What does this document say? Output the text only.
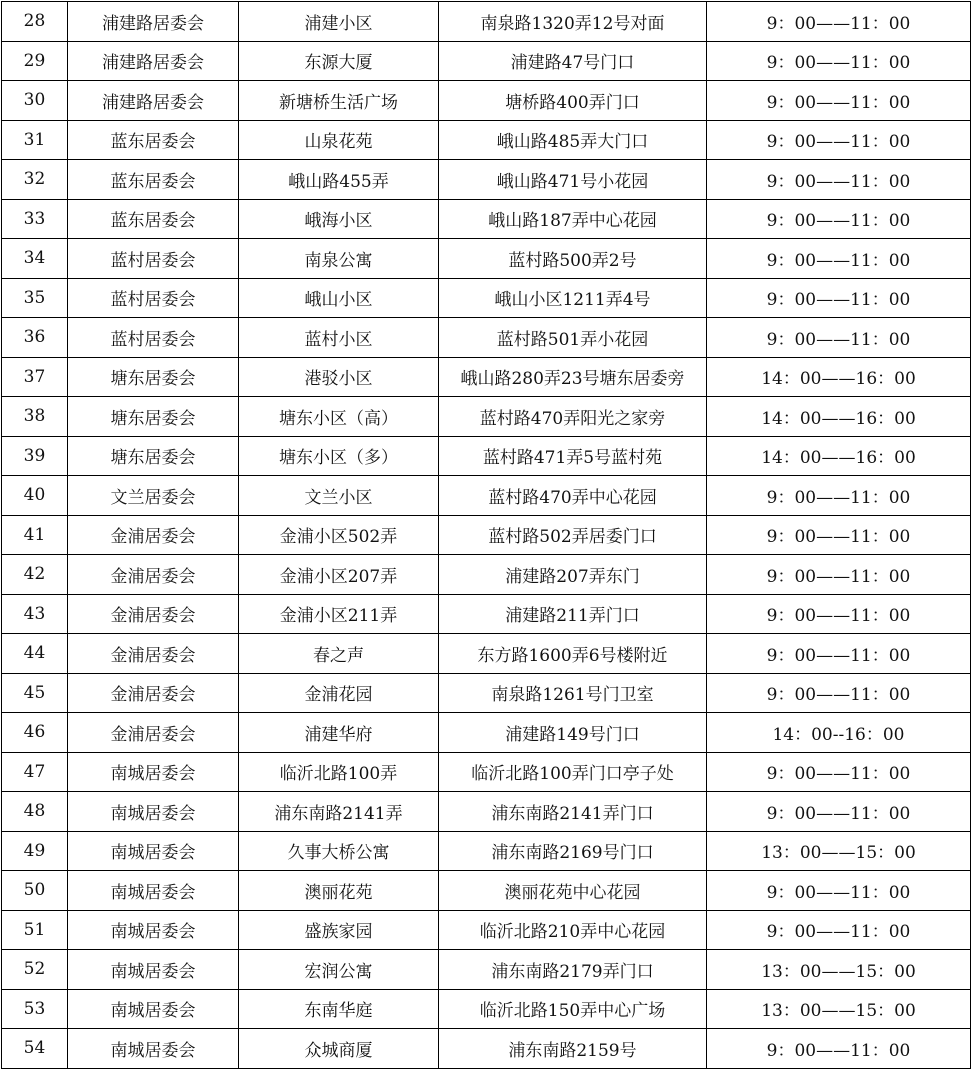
28	浦建路居委会	浦建小区	南泉路1320弄12号对面	9：00——11：00
29	浦建路居委会	东源大厦	浦建路47号门口	9：00——11：00
30	浦建路居委会	新塘桥生活广场	塘桥路400弄门口	9：00——11：00
31	蓝东居委会	山泉花苑	峨山路485弄大门口	9：00——11：00
32	蓝东居委会	峨山路455弄	峨山路471号小花园	9：00——11：00
33	蓝东居委会	峨海小区	峨山路187弄中心花园	9：00——11：00
34	蓝村居委会	南泉公寓	蓝村路500弄2号	9：00——11：00
35	蓝村居委会	峨山小区	峨山小区1211弄4号	9：00——11：00
36	蓝村居委会	蓝村小区	蓝村路501弄小花园	9：00——11：00
37	塘东居委会	港驳小区	峨山路280弄23号塘东居委旁	14：00——16：00
38	塘东居委会	塘东小区（高）	蓝村路470弄阳光之家旁	14：00——16：00
39	塘东居委会	塘东小区（多）	蓝村路471弄5号蓝村苑	14：00——16：00
40	文兰居委会	文兰小区	蓝村路470弄中心花园	9：00——11：00
41	金浦居委会	金浦小区502弄	蓝村路502弄居委门口	9：00——11：00
42	金浦居委会	金浦小区207弄	浦建路207弄东门	9：00——11：00
43	金浦居委会	金浦小区211弄	浦建路211弄门口	9：00——11：00
44	金浦居委会	春之声	东方路1600弄6号楼附近	9：00——11：00
45	金浦居委会	金浦花园	南泉路1261号门卫室	9：00——11：00
46	金浦居委会	浦建华府	浦建路149号门口	14：00--16：00
47	南城居委会	临沂北路100弄	临沂北路100弄门口亭子处	9：00——11：00
48	南城居委会	浦东南路2141弄	浦东南路2141弄门口	9：00——11：00
49	南城居委会	久事大桥公寓	浦东南路2169号门口	13：00——15：00
50	南城居委会	澳丽花苑	澳丽花苑中心花园	9：00——11：00
51	南城居委会	盛族家园	临沂北路210弄中心花园	9：00——11：00
52	南城居委会	宏润公寓	浦东南路2179弄门口	13：00——15：00
53	南城居委会	东南华庭	临沂北路150弄中心广场	13：00——15：00
54	南城居委会	众城商厦	浦东南路2159号	9：00——11：00
